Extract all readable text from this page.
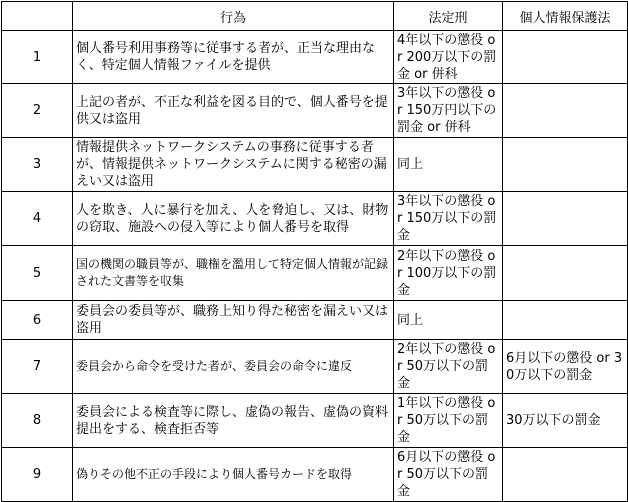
	行為	法定刑	個人情報保護法
1	個人番号利用事務等に従事する者が、正当な理由なく、特定個人情報ファイルを提供	4年以下の懲役 or 200万以下の罰金 or 併科	
2	上記の者が、不正な利益を図る目的で、個人番号を提供又は盗用	3年以下の懲役 or 150万円以下の罰金 or 併科	
3	情報提供ネットワークシステムの事務に従事する者が、情報提供ネットワークシステムに関する秘密の漏えい又は盗用	同上	
4	人を欺き、人に暴行を加え、人を脅迫し、又は、財物の窃取、施設への侵入等により個人番号を取得	3年以下の懲役 or 150万以下の罰金	
5	国の機関の職員等が、職権を濫用して特定個人情報が記録された文書等を収集	2年以下の懲役 or 100万以下の罰金	
6	委員会の委員等が、職務上知り得た秘密を漏えい又は盗用	同上	
7	委員会から命令を受けた者が、委員会の命令に違反	2年以下の懲役 or 50万以下の罰金	6月以下の懲役 or 30万以下の罰金
8	委員会による検査等に際し、虚偽の報告、虚偽の資料提出をする、検査拒否等	1年以下の懲役 or 50万以下の罰金	30万以下の罰金
9	偽りその他不正の手段により個人番号カードを取得	6月以下の懲役 or 50万以下の罰金	
